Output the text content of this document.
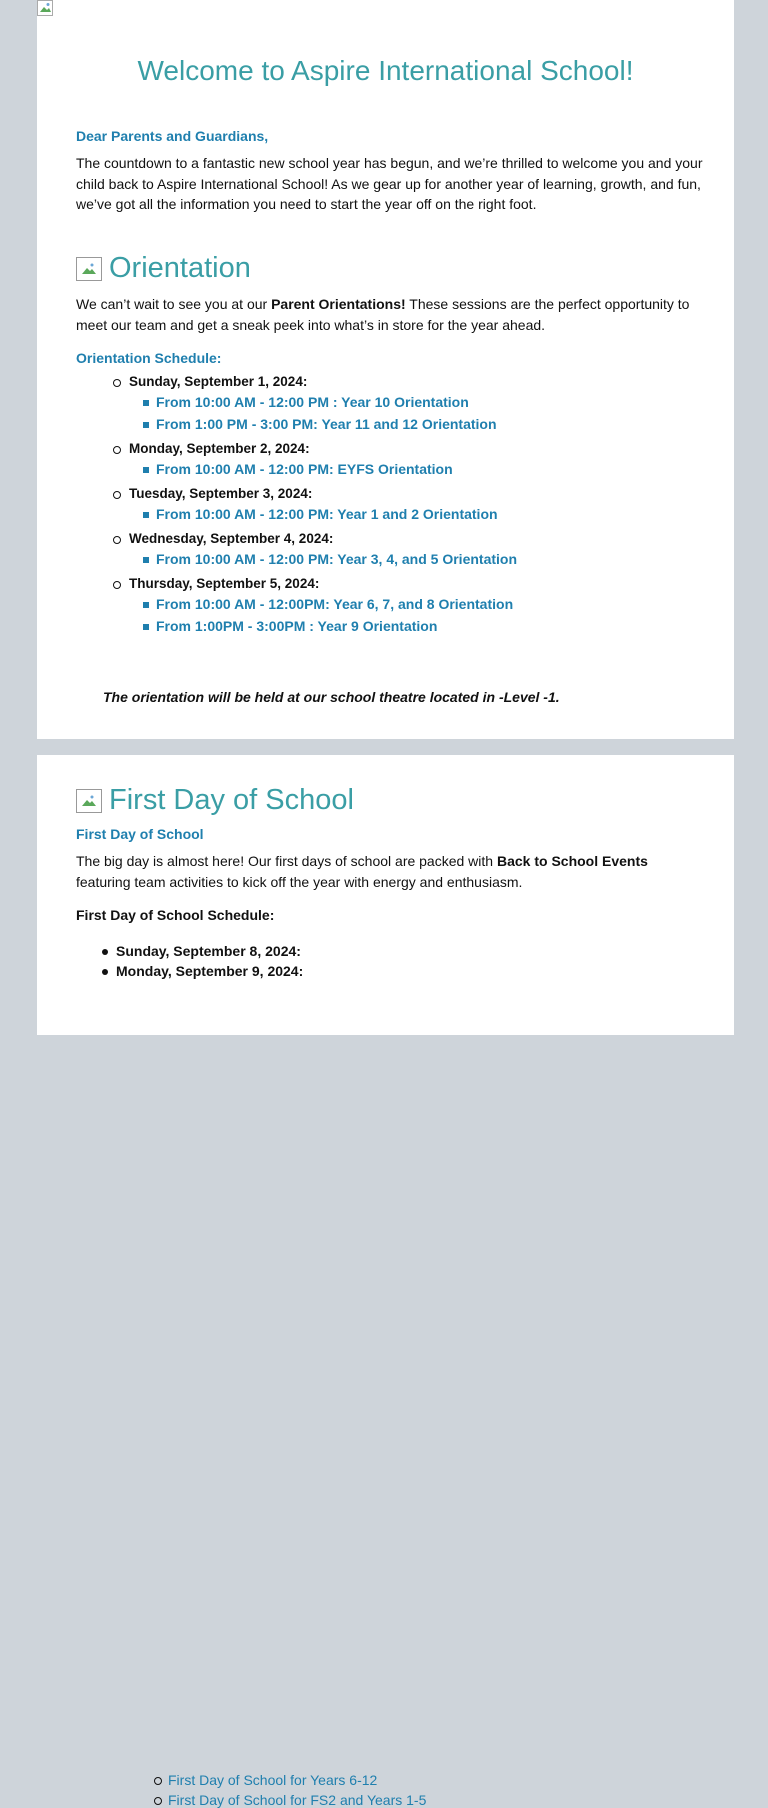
Welcome to Aspire International School!
Dear Parents and Guardians,

The countdown to a fantastic new school year has begun, and we’re thrilled to welcome you and your child back to Aspire International School! As we gear up for another year of learning, growth, and fun, we’ve got all the information you need to start the year off on the right foot.

Orientation

We can’t wait to see you at our Parent Orientations! These sessions are the perfect opportunity to meet our team and get a sneak peek into what’s in store for the year ahead.

Orientation Schedule:
Sunday, September 1, 2024:
From 10:00 AM - 12:00 PM : Year 10 Orientation
From 1:00 PM - 3:00 PM: Year 11 and 12 Orientation
Monday, September 2, 2024:
From 10:00 AM - 12:00 PM: EYFS Orientation
Tuesday, September 3, 2024:
From 10:00 AM - 12:00 PM: Year 1 and 2 Orientation
Wednesday, September 4, 2024:
From 10:00 AM - 12:00 PM: Year 3, 4, and 5 Orientation
Thursday, September 5, 2024:
From 10:00 AM - 12:00PM: Year 6, 7, and 8 Orientation
From 1:00PM - 3:00PM : Year 9 Orientation

The orientation will be held at our school theatre located in -Level -1.

First Day of School
First Day of School

The big day is almost here! Our first days of school are packed with Back to School Events featuring team activities to kick off the year with energy and enthusiasm.

First Day of School Schedule:
Sunday, September 8, 2024:
First Day of School for Years 6-12
Monday, September 9, 2024:
First Day of School for FS2 and Years 1-5
